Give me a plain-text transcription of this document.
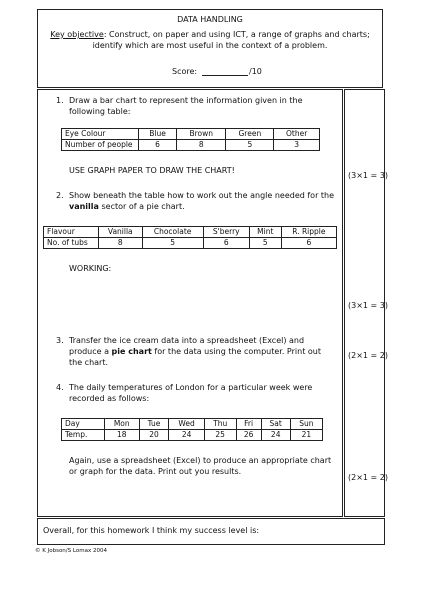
DATA HANDLING
Key objective: Construct, on paper and using ICT, a range of graphs and charts;
identify which are most useful in the context of a problem.
Score:	/10
1. Draw a bar chart to represent the information given in the
following table:
Eye Colour	Blue	Brown	Green	Other
Number of people	6	8	5	3
USE GRAPH PAPER TO DRAW THE CHART!
(3×1 = 3)
2. Show beneath the table how to work out the angle needed for the
vanilla sector of a pie chart.
Flavour	Vanilla	Chocolate	S'berry	Mint	R. Ripple
No. of tubs	8	5	6	5	6
WORKING:
(3×1 = 3)
3. Transfer the ice cream data into a spreadsheet (Excel) and
produce a pie chart for the data using the computer. Print out
the chart.
(2×1 = 2)
4. The daily temperatures of London for a particular week were
recorded as follows:
Day	Mon	Tue	Wed	Thu	Fri	Sat	Sun
Temp.	18	20	24	25	26	24	21
Again, use a spreadsheet (Excel) to produce an appropriate chart
or graph for the data. Print out you results.
(2×1 = 2)
Overall, for this homework I think my success level is:
© K Jobson/S Lomax 2004
